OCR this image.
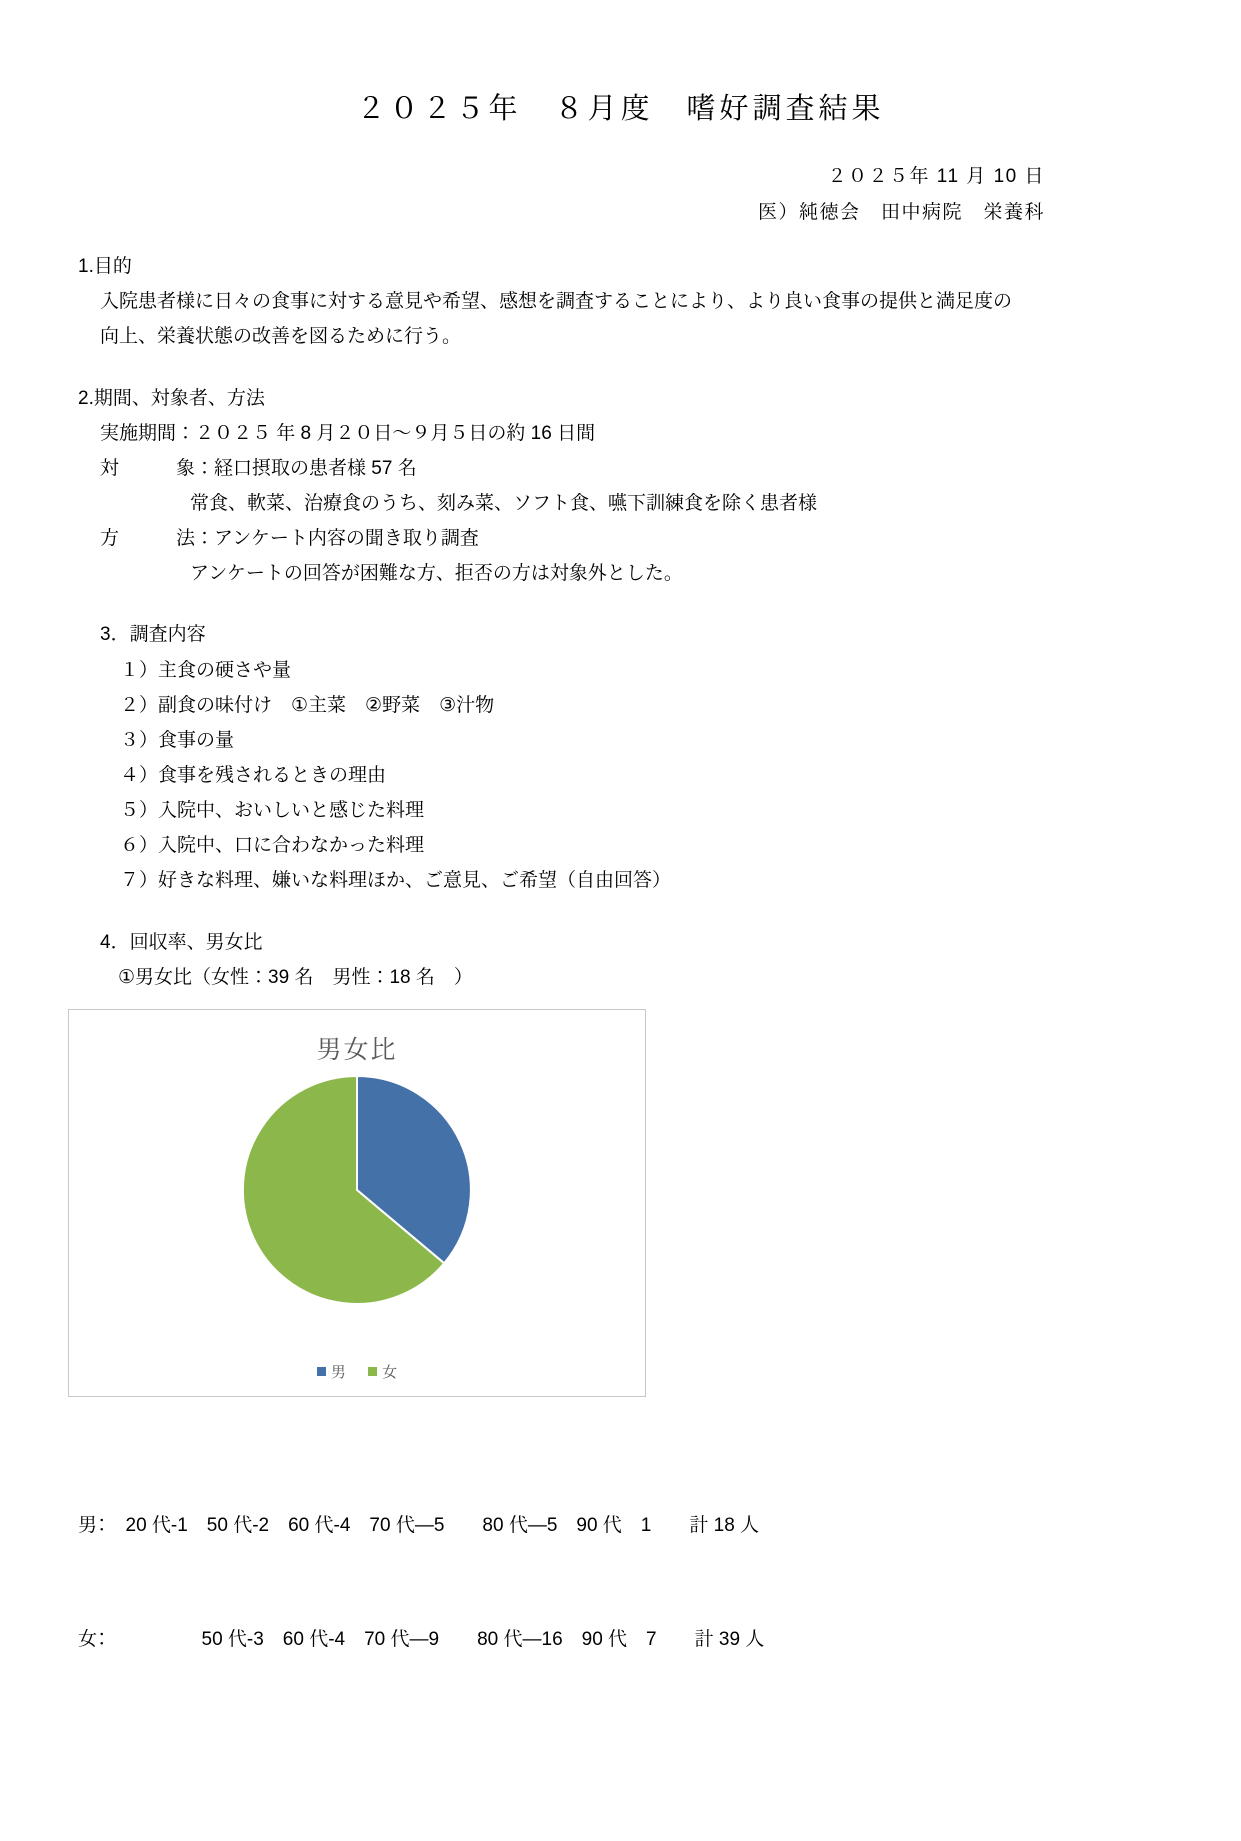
２０２５年　８月度　嗜好調査結果
２０２５年 11 月 10 日
医）純徳会　田中病院　栄養科
1.目的
入院患者様に日々の食事に対する意見や希望、感想を調査することにより、より良い食事の提供と満足度の
向上、栄養状態の改善を図るために行う。
2.期間、対象者、方法
実施期間：２０２５ 年 8 月２０日〜９月５日の約 16 日間
対　　　象：経口摂取の患者様 57 名
常食、軟菜、治療食のうち、刻み菜、ソフト食、嚥下訓練食を除く患者様
方　　　法：アンケート内容の聞き取り調査
アンケートの回答が困難な方、拒否の方は対象外とした。
3．調査内容
１）主食の硬さや量
２）副食の味付け　①主菜　②野菜　③汁物
３）食事の量
４）食事を残されるときの理由
５）入院中、おいしいと感じた料理
６）入院中、口に合わなかった料理
７）好きな料理、嫌いな料理ほか、ご意見、ご希望（自由回答）
4．回収率、男女比
①男女比（女性：39 名　男性：18 名　）
男女比
男 女

男：　20 代-1　50 代-2　60 代-4　70 代—5　　80 代—5　90 代　1　　計 18 人

女：　　　　　50 代-3　60 代-4　70 代—9　　80 代—16　90 代　7　　計 39 人
